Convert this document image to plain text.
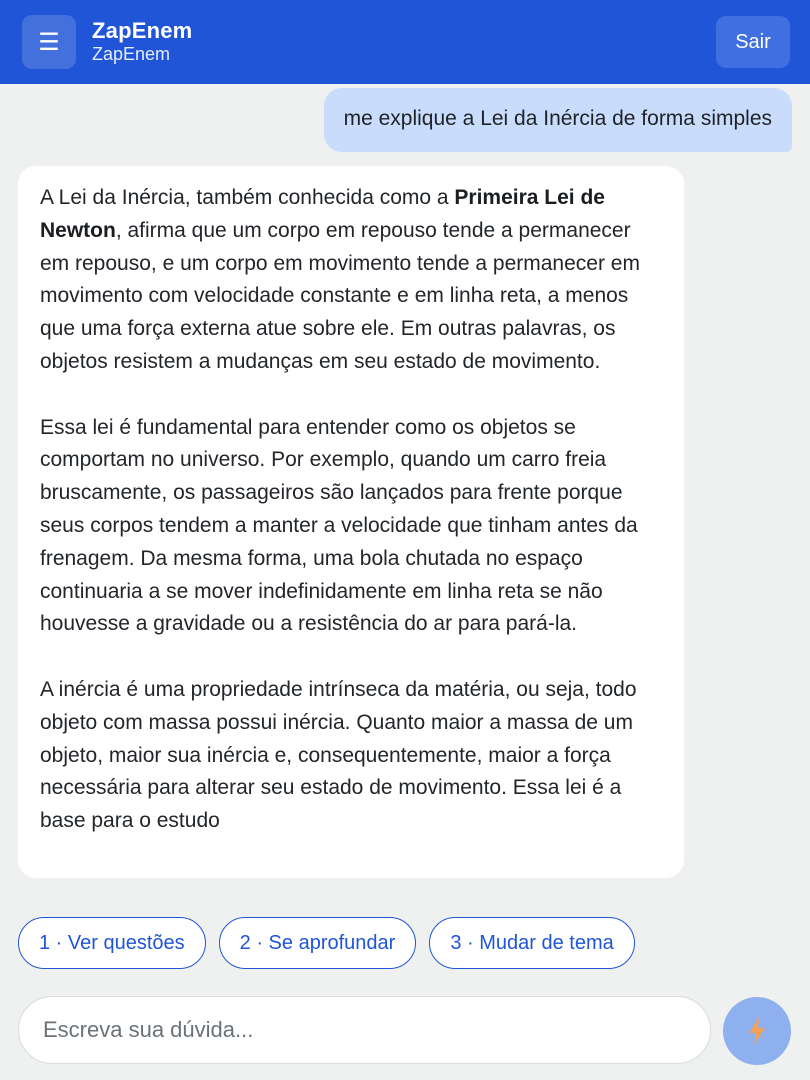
☰ ZapEnem
ZapEnem
Sair
me explique a Lei da Inércia de forma simples

A Lei da Inércia, também conhecida como a Primeira Lei de Newton, afirma que um corpo em repouso tende a permanecer em repouso, e um corpo em movimento tende a permanecer em movimento com velocidade constante e em linha reta, a menos que uma força externa atue sobre ele. Em outras palavras, os objetos resistem a mudanças em seu estado de movimento.

Essa lei é fundamental para entender como os objetos se comportam no universo. Por exemplo, quando um carro freia bruscamente, os passageiros são lançados para frente porque seus corpos tendem a manter a velocidade que tinham antes da frenagem. Da mesma forma, uma bola chutada no espaço continuaria a se mover indefinidamente em linha reta se não houvesse a gravidade ou a resistência do ar para pará-la.

A inércia é uma propriedade intrínseca da matéria, ou seja, todo objeto com massa possui inércia. Quanto maior a massa de um objeto, maior sua inércia e, consequentemente, maior a força necessária para alterar seu estado de movimento. Essa lei é a base para o estudo

1 · Ver questões	2 · Se aprofundar	3 · Mudar de tema
Escreva sua dúvida...
